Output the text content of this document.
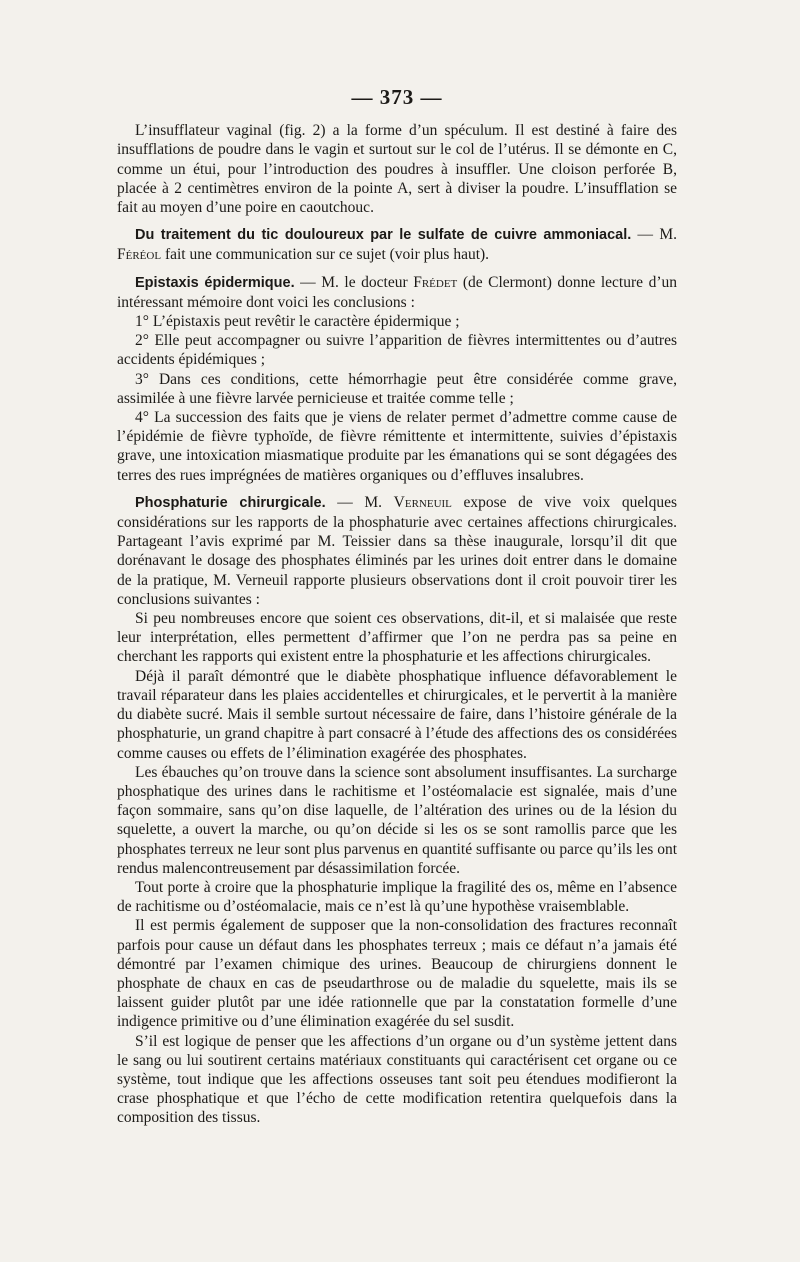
— 373 —

L’insufflateur vaginal (fig. 2) a la forme d’un spéculum. Il est destiné à faire des insufflations de poudre dans le vagin et surtout sur le col de l’utérus. Il se démonte en C, comme un étui, pour l’introduction des poudres à insuffler. Une cloison perforée B, placée à 2 centimètres environ de la pointe A, sert à diviser la poudre. L’insufflation se fait au moyen d’une poire en caoutchouc.

Du traitement du tic douloureux par le sulfate de cuivre ammoniacal. — M. Féréol fait une communication sur ce sujet (voir plus haut).

Epistaxis épidermique. — M. le docteur Frédet (de Clermont) donne lecture d’un intéressant mémoire dont voici les conclusions :

1° L’épistaxis peut revêtir le caractère épidermique ;

2° Elle peut accompagner ou suivre l’apparition de fièvres intermittentes ou d’autres accidents épidémiques ;

3° Dans ces conditions, cette hémorrhagie peut être considérée comme grave, assimilée à une fièvre larvée pernicieuse et traitée comme telle ;

4° La succession des faits que je viens de relater permet d’admettre comme cause de l’épidémie de fièvre typhoïde, de fièvre rémittente et intermittente, suivies d’épistaxis grave, une intoxication miasmatique produite par les émanations qui se sont dégagées des terres des rues imprégnées de matières organiques ou d’effluves insalubres.

Phosphaturie chirurgicale. — M. Verneuil expose de vive voix quelques considérations sur les rapports de la phosphaturie avec certaines affections chirurgicales. Partageant l’avis exprimé par M. Teissier dans sa thèse inaugurale, lorsqu’il dit que dorénavant le dosage des phosphates éliminés par les urines doit entrer dans le domaine de la pratique, M. Verneuil rapporte plusieurs observations dont il croit pouvoir tirer les conclusions suivantes :

Si peu nombreuses encore que soient ces observations, dit-il, et si malaisée que reste leur interprétation, elles permettent d’affirmer que l’on ne perdra pas sa peine en cherchant les rapports qui existent entre la phosphaturie et les affections chirurgicales.

Déjà il paraît démontré que le diabète phosphatique influence défavorablement le travail réparateur dans les plaies accidentelles et chirurgicales, et le pervertit à la manière du diabète sucré. Mais il semble surtout nécessaire de faire, dans l’histoire générale de la phosphaturie, un grand chapitre à part consacré à l’étude des affections des os considérées comme causes ou effets de l’élimination exagérée des phosphates.

Les ébauches qu’on trouve dans la science sont absolument insuffisantes. La surcharge phosphatique des urines dans le rachitisme et l’ostéomalacie est signalée, mais d’une façon sommaire, sans qu’on dise laquelle, de l’altération des urines ou de la lésion du squelette, a ouvert la marche, ou qu’on décide si les os se sont ramollis parce que les phosphates terreux ne leur sont plus parvenus en quantité suffisante ou parce qu’ils les ont rendus malencontreusement par désassimilation forcée.

Tout porte à croire que la phosphaturie implique la fragilité des os, même en l’absence de rachitisme ou d’ostéomalacie, mais ce n’est là qu’une hypothèse vraisemblable.

Il est permis également de supposer que la non-consolidation des fractures reconnaît parfois pour cause un défaut dans les phosphates terreux ; mais ce défaut n’a jamais été démontré par l’examen chimique des urines. Beaucoup de chirurgiens donnent le phosphate de chaux en cas de pseudarthrose ou de maladie du squelette, mais ils se laissent guider plutôt par une idée rationnelle que par la constatation formelle d’une indigence primitive ou d’une élimination exagérée du sel susdit.

S’il est logique de penser que les affections d’un organe ou d’un système jettent dans le sang ou lui soutirent certains matériaux constituants qui caractérisent cet organe ou ce système, tout indique que les affections osseuses tant soit peu étendues modifieront la crase phosphatique et que l’écho de cette modification retentira quelquefois dans la composition des tissus.
